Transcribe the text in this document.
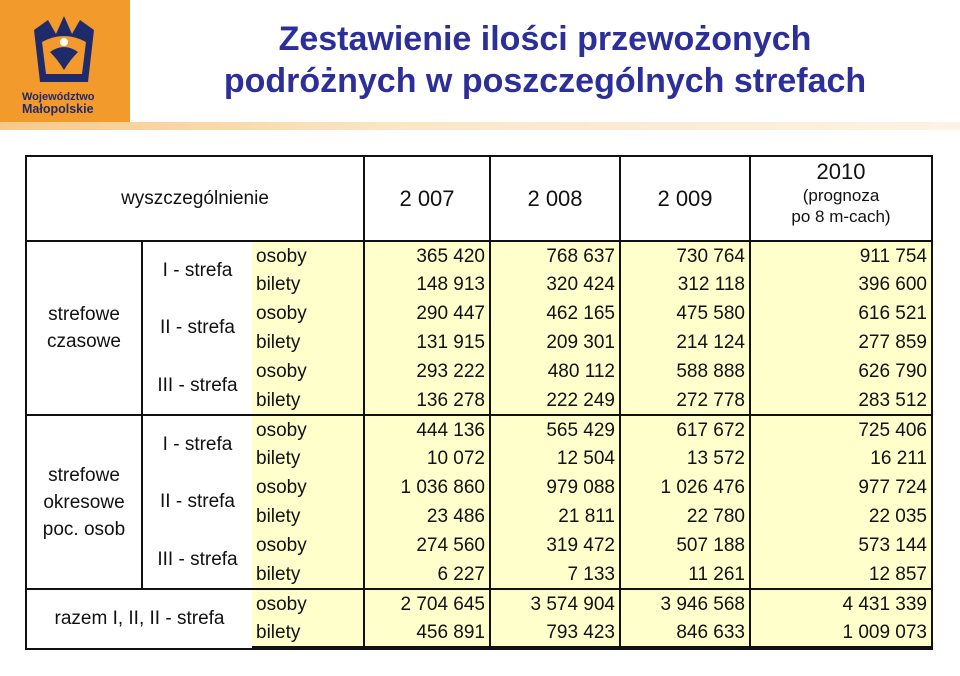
Województwo
Małopolskie
Zestawienie ilości przewożonych
podróżnych w poszczególnych strefach
wyszczególnienie			2 007	2 008	2 009	2010
(prognoza
po 8 m-cach)

strefowe czasowe	I - strefa	osoby	365 420	768 637	730 764	911 754
		bilety	148 913	320 424	312 118	396 600
	II - strefa	osoby	290 447	462 165	475 580	616 521
		bilety	131 915	209 301	214 124	277 859
	III - strefa	osoby	293 222	480 112	588 888	626 790
		bilety	136 278	222 249	272 778	283 512
strefowe okresowe poc. osob	I - strefa	osoby	444 136	565 429	617 672	725 406
		bilety	10 072	12 504	13 572	16 211
	II - strefa	osoby	1 036 860	979 088	1 026 476	977 724
		bilety	23 486	21 811	22 780	22 035
	III - strefa	osoby	274 560	319 472	507 188	573 144
		bilety	6 227	7 133	11 261	12 857
razem I, II, II - strefa		osoby	2 704 645	3 574 904	3 946 568	4 431 339
		bilety	456 891	793 423	846 633	1 009 073
